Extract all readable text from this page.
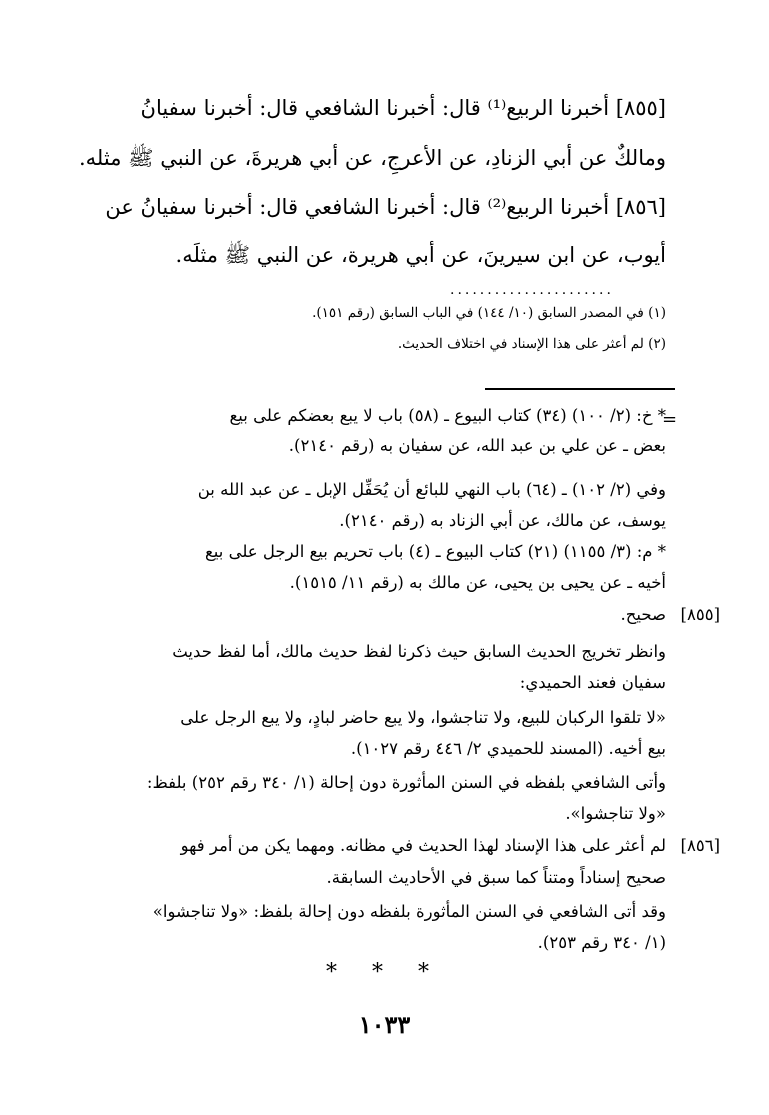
[٨٥٥] أخبرنا الربيع⁽¹⁾ قال: أخبرنا الشافعي قال: أخبرنا سفيانُ
ومالكٌ عن أبي الزنادِ، عن الأعرجِ، عن أبي هريرةَ، عن النبي ﷺ مثله.
[٨٥٦] أخبرنا الربيع⁽²⁾ قال: أخبرنا الشافعي قال: أخبرنا سفيانُ عن
أيوب، عن ابن سيرينَ، عن أبي هريرة، عن النبي ﷺ مثلَه.
......................
(١) في المصدر السابق (١٠/ ١٤٤) في الباب السابق (رقم ١٥١).
(٢) لم أعثر على هذا الإسناد في اختلاف الحديث.
=
* خ: (٢/ ١٠٠) (٣٤) كتاب البيوع ـ (٥٨) باب لا يبع بعضكم على بيع
بعض ـ عن علي بن عبد الله، عن سفيان به (رقم ٢١٤٠).
وفي (٢/ ١٠٢) ـ (٦٤) باب النهي للبائع أن يُحَفِّل الإبل ـ عن عبد الله بن
يوسف، عن مالك، عن أبي الزناد به (رقم ٢١٤٠).
* م: (٣/ ١١٥٥) (٢١) كتاب البيوع ـ (٤) باب تحريم بيع الرجل على بيع
أخيه ـ عن يحيى بن يحيى، عن مالك به (رقم ١١/ ١٥١٥).
[٨٥٥]
صحيح.
وانظر تخريج الحديث السابق حيث ذكرنا لفظ حديث مالك، أما لفظ حديث
سفيان فعند الحميدي:
«لا تلقوا الركبان للبيع، ولا تناجشوا، ولا يبع حاضر لبادٍ، ولا يبع الرجل على
بيع أخيه. (المسند للحميدي ٢/ ٤٤٦ رقم ١٠٢٧).
وأتى الشافعي بلفظه في السنن المأثورة دون إحالة (١/ ٣٤٠ رقم ٢٥٢) بلفظ:
«ولا تناجشوا».
[٨٥٦]
لم أعثر على هذا الإسناد لهذا الحديث في مظانه. ومهما يكن من أمر فهو
صحيح إسناداً ومتناً كما سبق في الأحاديث السابقة.
وقد أتى الشافعي في السنن المأثورة بلفظه دون إحالة بلفظ: «ولا تناجشوا»
(١/ ٣٤٠ رقم ٢٥٣).
* * *
١٠٣٣
